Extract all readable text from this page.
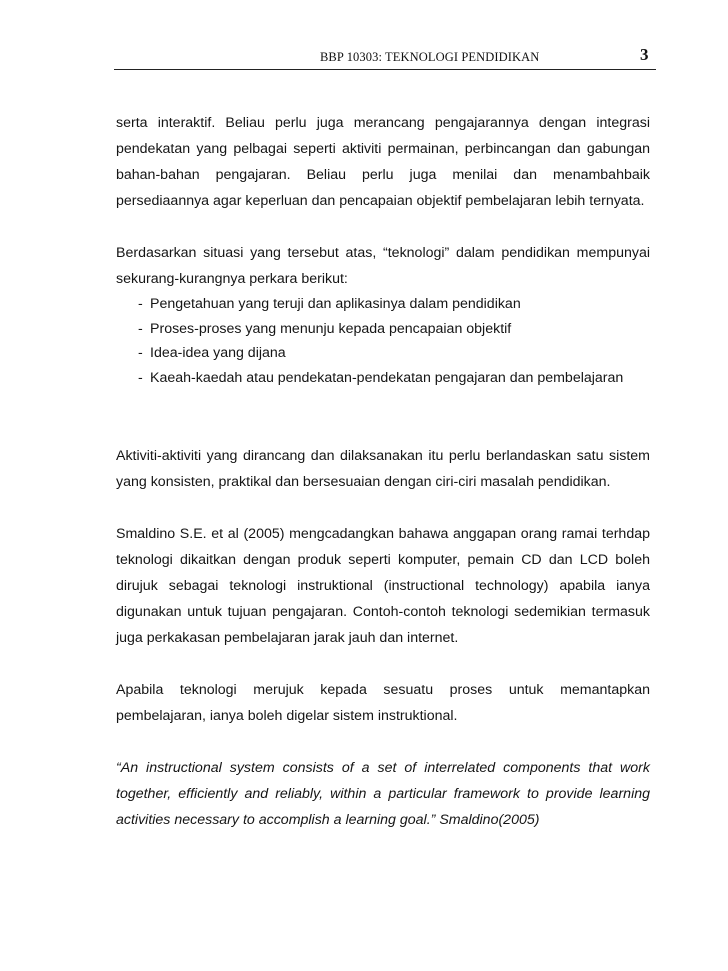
BBP 10303: TEKNOLOGI PENDIDIKAN	3

serta interaktif. Beliau perlu juga merancang pengajarannya dengan integrasi pendekatan yang pelbagai seperti aktiviti permainan, perbincangan dan gabungan bahan-bahan pengajaran. Beliau perlu juga menilai dan menambahbaik persediaannya agar keperluan dan pencapaian objektif pembelajaran lebih ternyata.

Berdasarkan situasi yang tersebut atas, “teknologi” dalam pendidikan mempunyai sekurang-kurangnya perkara berikut:

- Pengetahuan yang teruji dan aplikasinya dalam pendidikan
- Proses-proses yang menunju kepada pencapaian objektif
- Idea-idea yang dijana
- Kaeah-kaedah atau pendekatan-pendekatan pengajaran dan pembelajaran

Aktiviti-aktiviti yang dirancang dan dilaksanakan itu perlu berlandaskan satu sistem yang konsisten, praktikal dan bersesuaian dengan ciri-ciri masalah pendidikan.

Smaldino S.E. et al (2005) mengcadangkan bahawa anggapan orang ramai terhdap teknologi dikaitkan dengan produk seperti komputer, pemain CD dan LCD boleh dirujuk sebagai teknologi instruktional (instructional technology) apabila ianya digunakan untuk tujuan pengajaran. Contoh-contoh teknologi sedemikian termasuk juga perkakasan pembelajaran jarak jauh dan internet.

Apabila teknologi merujuk kepada sesuatu proses untuk memantapkan pembelajaran, ianya boleh digelar sistem instruktional.

“An instructional system consists of a set of interrelated components that work together, efficiently and reliably, within a particular framework to provide learning activities necessary to accomplish a learning goal.” Smaldino(2005)
